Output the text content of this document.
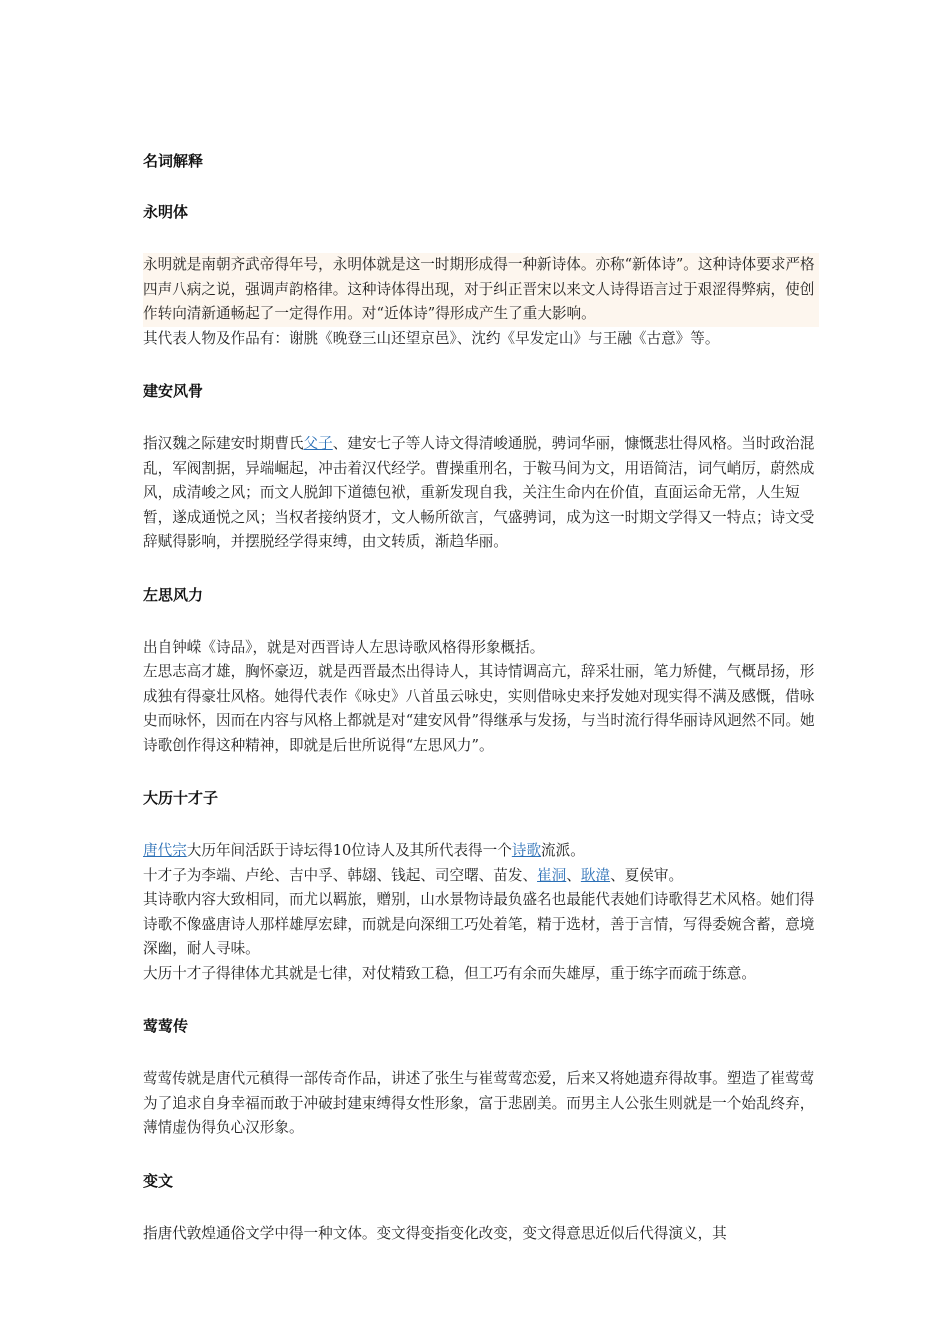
名词解释
永明体

永明就是南朝齐武帝得年号，永明体就是这一时期形成得一种新诗体。亦称“新体诗”。这种诗体要求严格四声八病之说，强调声韵格律。这种诗体得出现，对于纠正晋宋以来文人诗得语言过于艰涩得弊病，使创作转向清新通畅起了一定得作用。对“近体诗”得形成产生了重大影响。

其代表人物及作品有：谢朓《晚登三山还望京邑》、沈约《早发定山》与王融《古意》等。

建安风骨

指汉魏之际建安时期曹氏父子、建安七子等人诗文得清峻通脱，骋词华丽，慷慨悲壮得风格。当时政治混乱，军阀割据，异端崛起，冲击着汉代经学。曹操重刑名，于鞍马间为文，用语简洁，词气峭厉，蔚然成风，成清峻之风；而文人脱卸下道德包袱，重新发现自我，关注生命内在价值，直面运命无常，人生短暂，遂成通悦之风；当权者接纳贤才，文人畅所欲言，气盛骋词，成为这一时期文学得又一特点；诗文受辞赋得影响，并摆脱经学得束缚，由文转质，渐趋华丽。

左思风力

出自钟嵘《诗品》，就是对西晋诗人左思诗歌风格得形象概括。

左思志高才雄，胸怀豪迈，就是西晋最杰出得诗人，其诗情调高亢，辞采壮丽，笔力矫健，气概昂扬，形成独有得豪壮风格。她得代表作《咏史》八首虽云咏史，实则借咏史来抒发她对现实得不满及感慨，借咏史而咏怀，因而在内容与风格上都就是对“建安风骨”得继承与发扬，与当时流行得华丽诗风迥然不同。她诗歌创作得这种精神，即就是后世所说得“左思风力”。

大历十才子

唐代宗大历年间活跃于诗坛得10位诗人及其所代表得一个诗歌流派。

十才子为李端、卢纶、吉中孚、韩翃、钱起、司空曙、苗发、崔洞、耿湋、夏侯审。

其诗歌内容大致相同，而尤以羁旅，赠别，山水景物诗最负盛名也最能代表她们诗歌得艺术风格。她们得诗歌不像盛唐诗人那样雄厚宏肆，而就是向深细工巧处着笔，精于选材，善于言情，写得委婉含蓄，意境深幽，耐人寻味。

大历十才子得律体尤其就是七律，对仗精致工稳，但工巧有余而失雄厚，重于练字而疏于练意。

莺莺传

莺莺传就是唐代元稹得一部传奇作品，讲述了张生与崔莺莺恋爱，后来又将她遗弃得故事。塑造了崔莺莺为了追求自身幸福而敢于冲破封建束缚得女性形象，富于悲剧美。而男主人公张生则就是一个始乱终弃，薄情虚伪得负心汉形象。

变文

指唐代敦煌通俗文学中得一种文体。变文得变指变化改变，变文得意思近似后代得演义，其
